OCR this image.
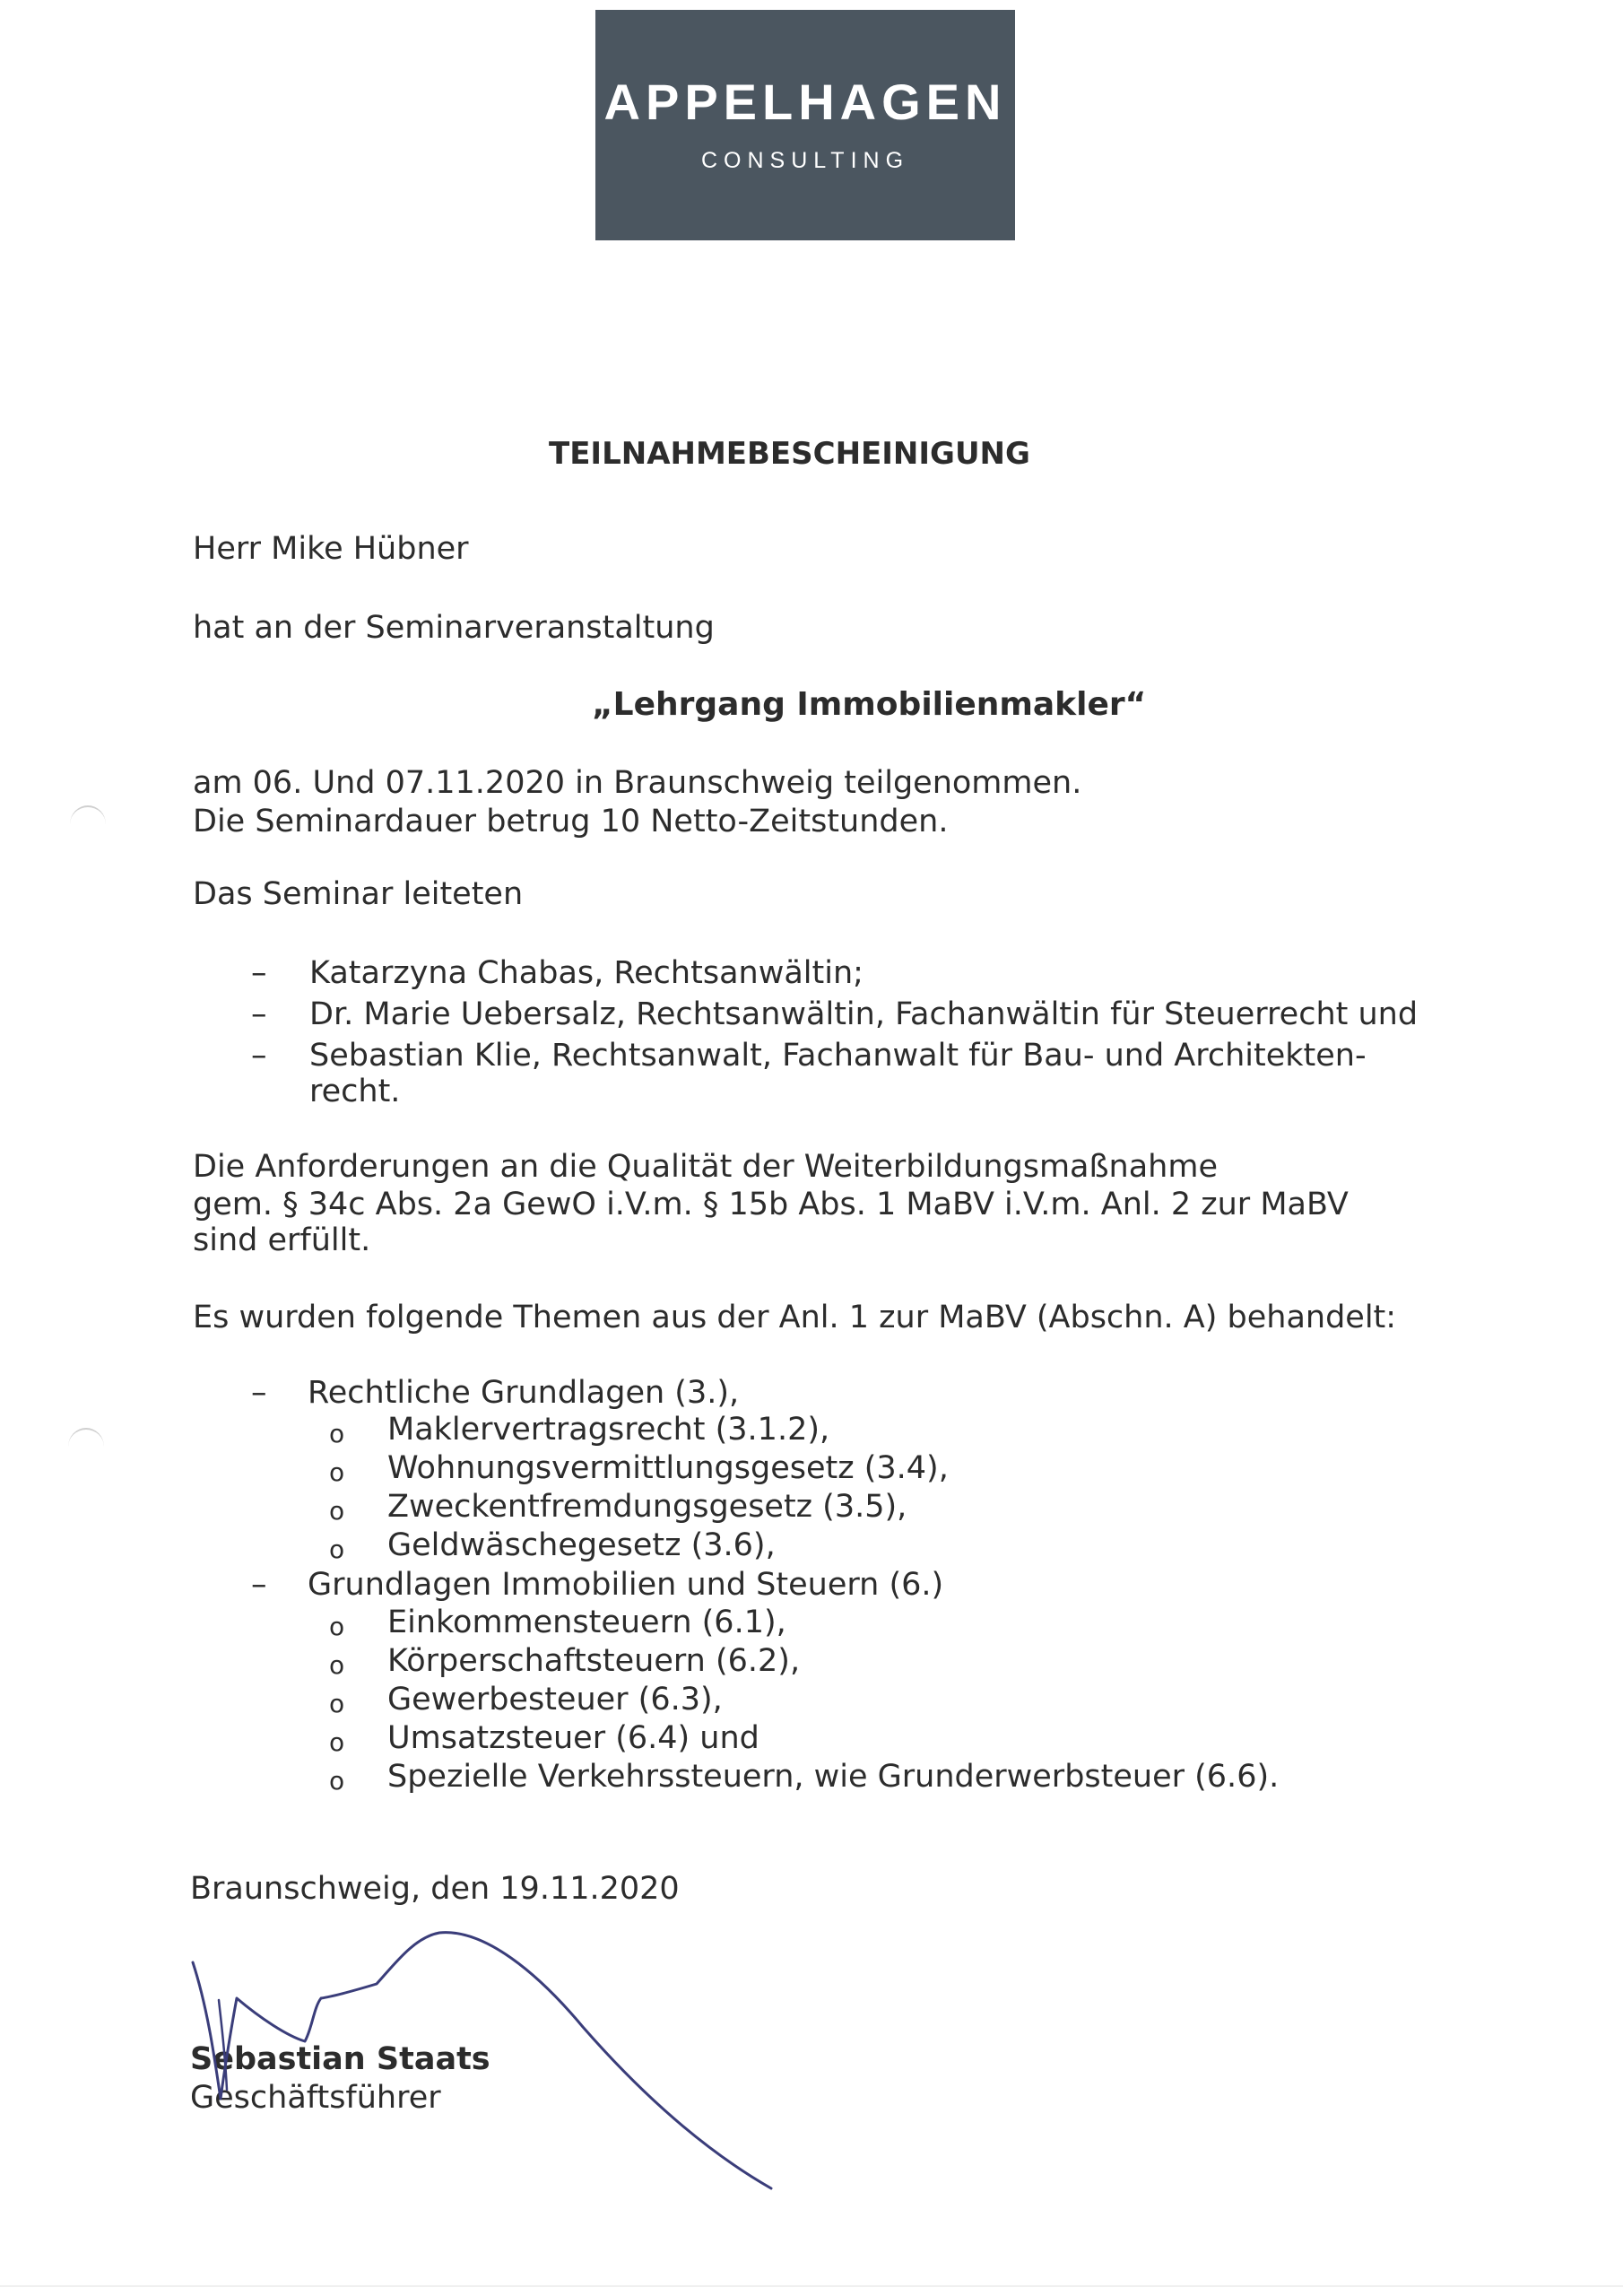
APPELHAGEN
CONSULTING
TEILNAHMEBESCHEINIGUNG
Herr Mike Hübner
hat an der Seminarveranstaltung
„Lehrgang Immobilienmakler“
am 06. Und 07.11.2020 in Braunschweig teilgenommen.
Die Seminardauer betrug 10 Netto-Zeitstunden.
Das Seminar leiteten
– Katarzyna Chabas, Rechtsanwältin;
– Dr. Marie Uebersalz, Rechtsanwältin, Fachanwältin für Steuerrecht und
– Sebastian Klie, Rechtsanwalt, Fachanwalt für Bau- und Architekten-
recht.
Die Anforderungen an die Qualität der Weiterbildungsmaßnahme
gem. § 34c Abs. 2a GewO i.V.m. § 15b Abs. 1 MaBV i.V.m. Anl. 2 zur MaBV
sind erfüllt.
Es wurden folgende Themen aus der Anl. 1 zur MaBV (Abschn. A) behandelt:
– Rechtliche Grundlagen (3.),
o Maklervertragsrecht (3.1.2),
o Wohnungsvermittlungsgesetz (3.4),
o Zweckentfremdungsgesetz (3.5),
o Geldwäschegesetz (3.6),
– Grundlagen Immobilien und Steuern (6.)
o Einkommensteuern (6.1),
o Körperschaftsteuern (6.2),
o Gewerbesteuer (6.3),
o Umsatzsteuer (6.4) und
o Spezielle Verkehrssteuern, wie Grunderwerbsteuer (6.6).
Braunschweig, den 19.11.2020
Sebastian Staats
Geschäftsführer
